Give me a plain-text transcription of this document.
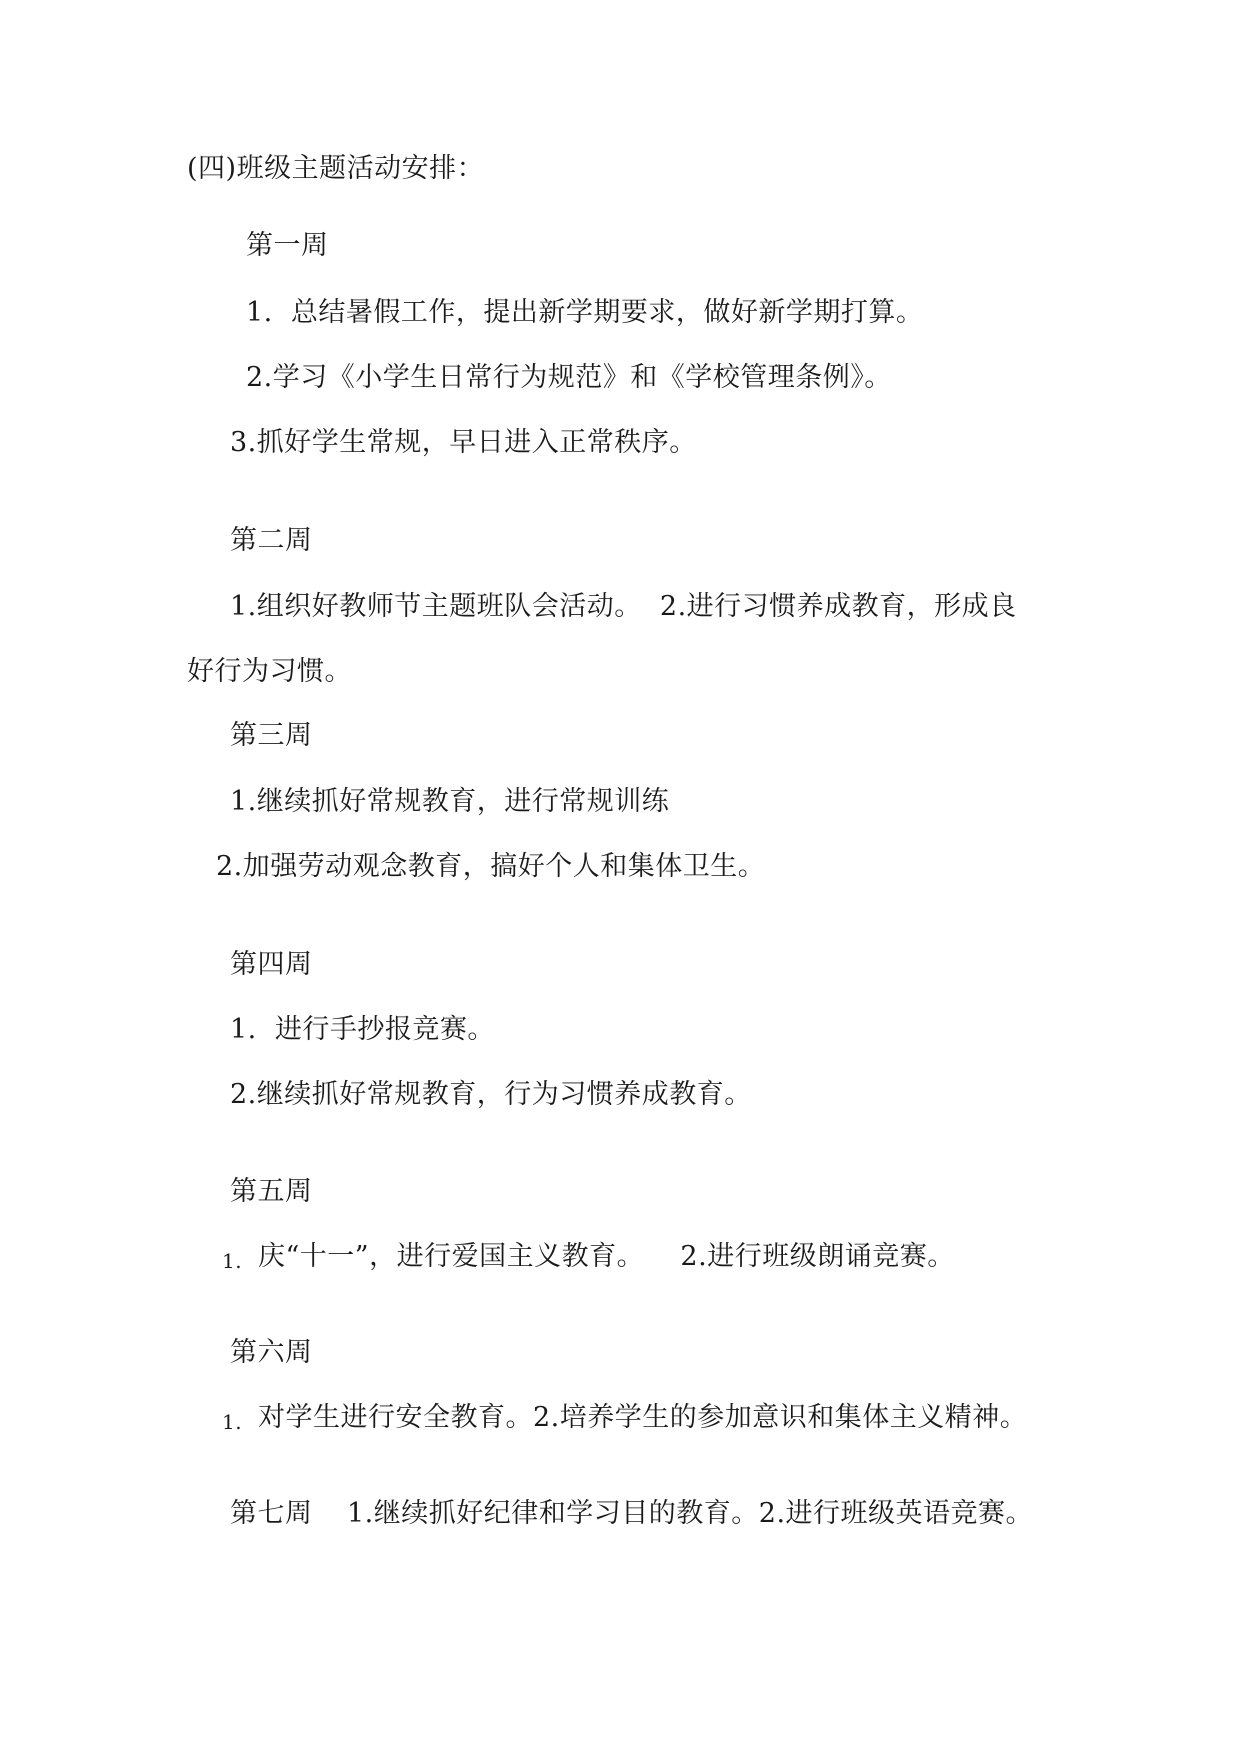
(四)班级主题活动安排：
第一周
1.  总结暑假工作，提出新学期要求，做好新学期打算。
2.学习《小学生日常行为规范》和《学校管理条例》。
3.抓好学生常规，早日进入正常秩序。
第二周
1.组织好教师节主题班队会活动。  2.进行习惯养成教育，形成良
好行为习惯。
第三周
1.继续抓好常规教育，进行常规训练
2.加强劳动观念教育，搞好个人和集体卫生。
第四周
1.  进行手抄报竞赛。
2.继续抓好常规教育，行为习惯养成教育。
第五周
1. 庆“十一”，进行爱国主义教育。    2.进行班级朗诵竞赛。
第六周
1. 对学生进行安全教育。2.培养学生的参加意识和集体主义精神。
第七周 1.继续抓好纪律和学习目的教育。2.进行班级英语竞赛。
